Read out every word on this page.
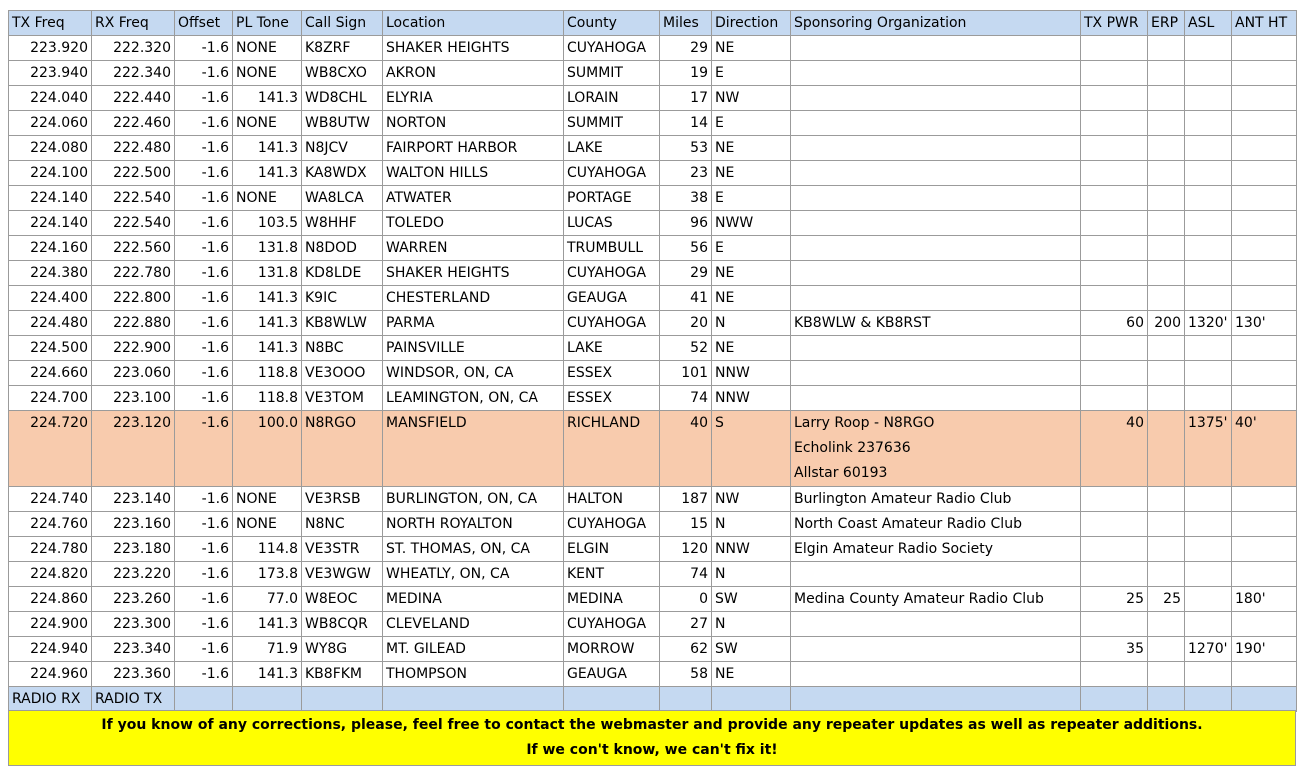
TX Freq	RX Freq	Offset	PL Tone	Call Sign	Location	County	Miles	Direction	Sponsoring Organization	TX PWR	ERP	ASL	ANT HT
223.920	222.320	-1.6	NONE	K8ZRF	SHAKER HEIGHTS	CUYAHOGA	29	NE					
223.940	222.340	-1.6	NONE	WB8CXO	AKRON	SUMMIT	19	E					
224.040	222.440	-1.6	141.3	WD8CHL	ELYRIA	LORAIN	17	NW					
224.060	222.460	-1.6	NONE	WB8UTW	NORTON	SUMMIT	14	E					
224.080	222.480	-1.6	141.3	N8JCV	FAIRPORT HARBOR	LAKE	53	NE					
224.100	222.500	-1.6	141.3	KA8WDX	WALTON HILLS	CUYAHOGA	23	NE					
224.140	222.540	-1.6	NONE	WA8LCA	ATWATER	PORTAGE	38	E					
224.140	222.540	-1.6	103.5	W8HHF	TOLEDO	LUCAS	96	NWW					
224.160	222.560	-1.6	131.8	N8DOD	WARREN	TRUMBULL	56	E					
224.380	222.780	-1.6	131.8	KD8LDE	SHAKER HEIGHTS	CUYAHOGA	29	NE					
224.400	222.800	-1.6	141.3	K9IC	CHESTERLAND	GEAUGA	41	NE					
224.480	222.880	-1.6	141.3	KB8WLW	PARMA	CUYAHOGA	20	N	KB8WLW & KB8RST	60	200	1320'	130'
224.500	222.900	-1.6	141.3	N8BC	PAINSVILLE	LAKE	52	NE					
224.660	223.060	-1.6	118.8	VE3OOO	WINDSOR, ON, CA	ESSEX	101	NNW					
224.700	223.100	-1.6	118.8	VE3TOM	LEAMINGTON, ON, CA	ESSEX	74	NNW					
224.720	223.120	-1.6	100.0	N8RGO	MANSFIELD	RICHLAND	40	S	Larry Roop - N8RGO
Echolink 237636
Allstar 60193	40		1375'	40'
224.740	223.140	-1.6	NONE	VE3RSB	BURLINGTON, ON, CA	HALTON	187	NW	Burlington Amateur Radio Club				
224.760	223.160	-1.6	NONE	N8NC	NORTH ROYALTON	CUYAHOGA	15	N	North Coast Amateur Radio Club				
224.780	223.180	-1.6	114.8	VE3STR	ST. THOMAS, ON, CA	ELGIN	120	NNW	Elgin Amateur Radio Society				
224.820	223.220	-1.6	173.8	VE3WGW	WHEATLY, ON, CA	KENT	74	N					
224.860	223.260	-1.6	77.0	W8EOC	MEDINA	MEDINA	0	SW	Medina County Amateur Radio Club	25	25		180'
224.900	223.300	-1.6	141.3	WB8CQR	CLEVELAND	CUYAHOGA	27	N					
224.940	223.340	-1.6	71.9	WY8G	MT. GILEAD	MORROW	62	SW		35		1270'	190'
224.960	223.360	-1.6	141.3	KB8FKM	THOMPSON	GEAUGA	58	NE					
RADIO RX	RADIO TX												
If you know of any corrections, please, feel free to contact the webmaster and provide any repeater updates as well as repeater additions.
If we con't know, we can't fix it!
